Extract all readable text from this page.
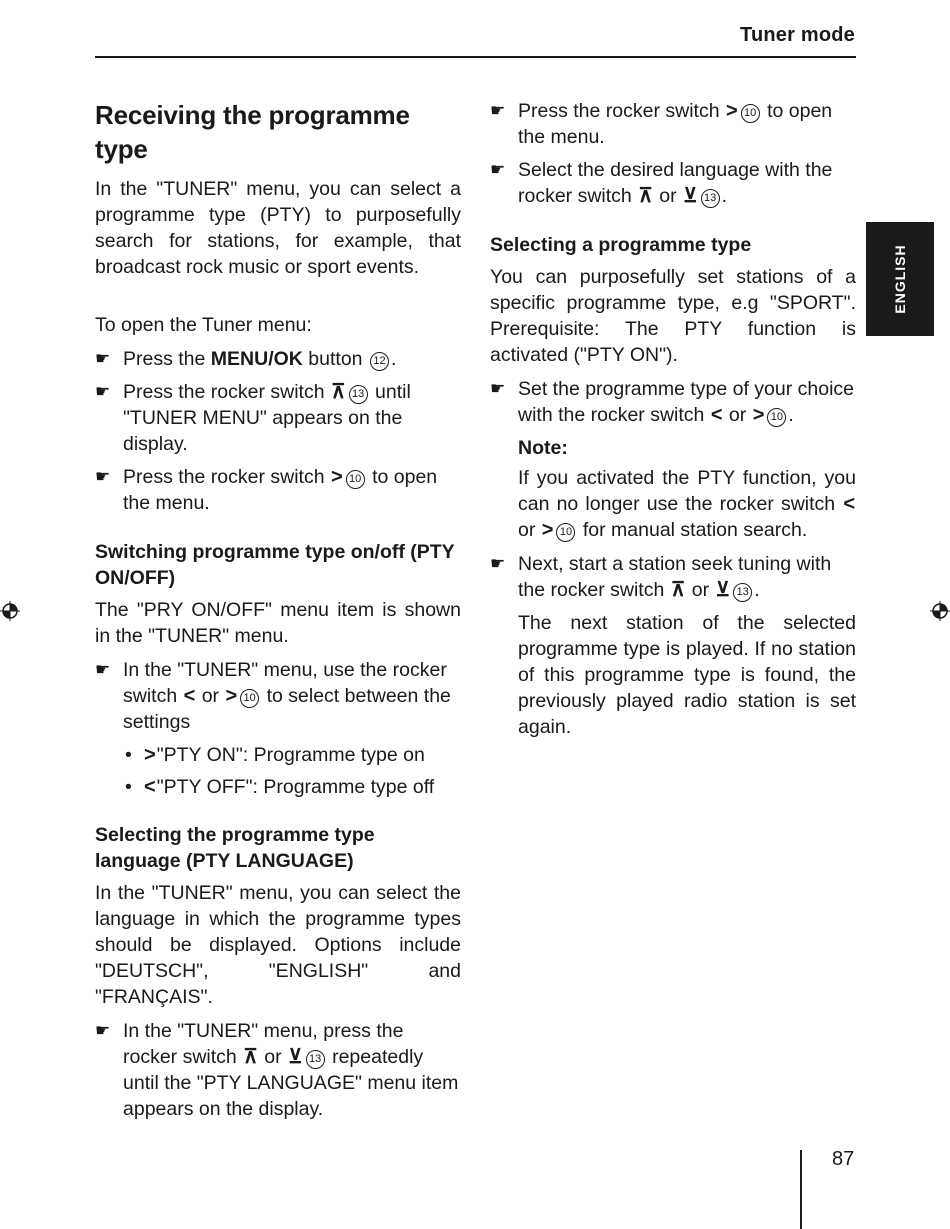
Tuner mode
Receiving the programme type

In the "TUNER" menu, you can select a programme type (PTY) to purposefully search for stations, for example, that broadcast rock music or sport events.

To open the Tuner menu:

☛ Press the MENU/OK button 12 .
☛ Press the rocker switch ⊼ 13 until "TUNER MENU" appears on the display.
☛ Press the rocker switch > 10 to open the menu.
Switching programme type on/off (PTY ON/OFF)

The "PRY ON/OFF" menu item is shown in the "TUNER" menu.

☛ In the "TUNER" menu, use the rocker switch < or > 10 to select between the settings
• >"PTY ON": Programme type on
• <"PTY OFF": Programme type off
Selecting the programme type language (PTY LANGUAGE)

In the "TUNER" menu, you can select the language in which the programme types should be displayed. Options include "DEUTSCH", "ENGLISH" and "FRANÇAIS".

☛ In the "TUNER" menu, press the rocker switch ⊼ or ⊻ 13 repeatedly until the "PTY LANGUAGE" menu item appears on the display.
☛ Press the rocker switch > 10 to open the menu.
☛ Select the desired language with the rocker switch ⊼ or ⊻ 13 .
Selecting a programme type

You can purposefully set stations of a specific programme type, e.g "SPORT". Prerequisite: The PTY function is activated ("PTY ON").

☛ Set the programme type of your choice with the rocker switch < or > 10 .
Note:

If you activated the PTY function, you can no longer use the rocker switch < or > 10 for manual station search.

☛ Next, start a station seek tuning with the rocker switch ⊼ or ⊻ 13 .

The next station of the selected programme type is played. If no station of this programme type is found, the previously played radio station is set again.

ENGLISH
87
